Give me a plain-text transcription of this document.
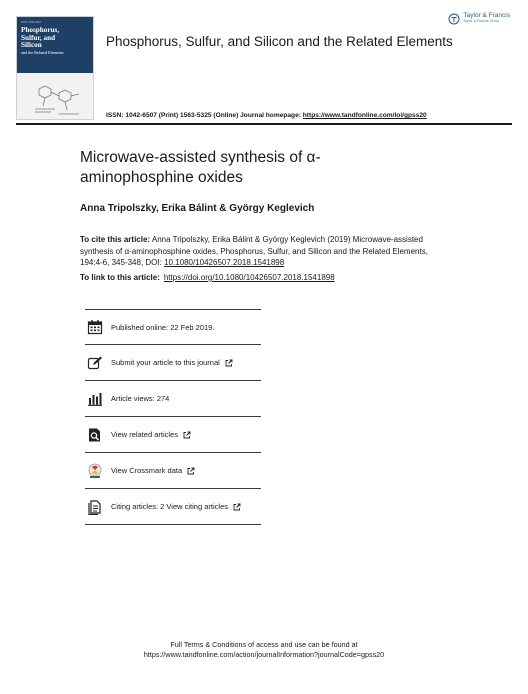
ISSN 1042-6507
Phosphorus,
Sulfur, and
Silicon
and the Related Elements
Phosphorus, Sulfur, and Silicon and the Related Elements
Taylor & Francis
Taylor & Francis Group
ISSN: 1042-6507 (Print) 1563-5325 (Online) Journal homepage: https://www.tandfonline.com/loi/gpss20
Microwave-assisted synthesis of α-aminophosphine oxides
Anna Tripolszky, Erika Bálint & György Keglevich
To cite this article: Anna Tripolszky, Erika Bálint & György Keglevich (2019) Microwave-assisted synthesis of α-aminophosphine oxides, Phosphorus, Sulfur, and Silicon and the Related Elements, 194:4-6, 345-348, DOI: 10.1080/10426507.2018.1541898
To link to this article: https://doi.org/10.1080/10426507.2018.1541898
Published online: 22 Feb 2019.
Submit your article to this journal
Article views: 274
View related articles
View Crossmark data
Citing articles: 2 View citing articles
Full Terms & Conditions of access and use can be found at
https://www.tandfonline.com/action/journalInformation?journalCode=gpss20
